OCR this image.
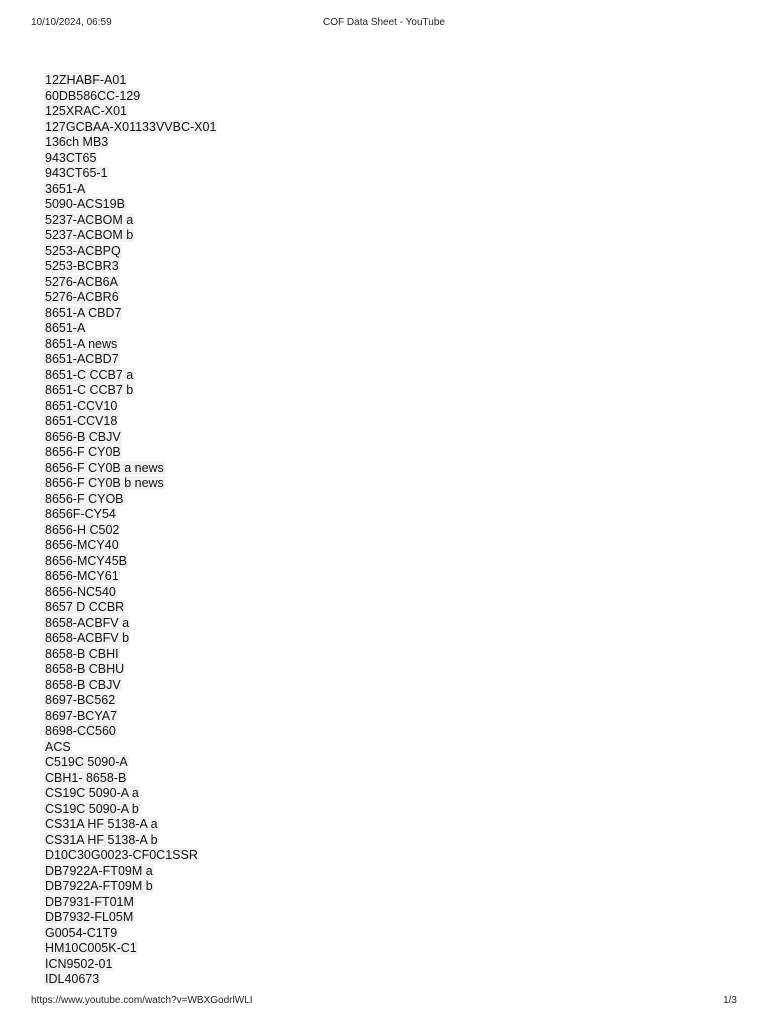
10/10/2024, 06:59	COF Data Sheet - YouTube
12ZHABF-A01
60DB586CC-129
125XRAC-X01
127GCBAA-X01133VVBC-X01
136ch MB3
943CT65
943CT65-1
3651-A
5090-ACS19B
5237-ACBOM a
5237-ACBOM b
5253-ACBPQ
5253-BCBR3
5276-ACB6A
5276-ACBR6
8651-A CBD7
8651-A
8651-A news
8651-ACBD7
8651-C CCB7 a
8651-C CCB7 b
8651-CCV10
8651-CCV18
8656-B CBJV
8656-F CY0B
8656-F CY0B a news
8656-F CY0B b news
8656-F CYOB
8656F-CY54
8656-H C502
8656-MCY40
8656-MCY45B
8656-MCY61
8656-NC540
8657 D CCBR
8658-ACBFV a
8658-ACBFV b
8658-B CBHI
8658-B CBHU
8658-B CBJV
8697-BC562
8697-BCYA7
8698-CC560
ACS
C519C 5090-A
CBH1- 8658-B
CS19C 5090-A a
CS19C 5090-A b
CS31A HF 5138-A a
CS31A HF 5138-A b
D10C30G0023-CF0C1SSR
DB7922A-FT09M a
DB7922A-FT09M b
DB7931-FT01M
DB7932-FL05M
G0054-C1T9
HM10C005K-C1
ICN9502-01
IDL40673
https://www.youtube.com/watch?v=WBXGodrlWLI	1/3
